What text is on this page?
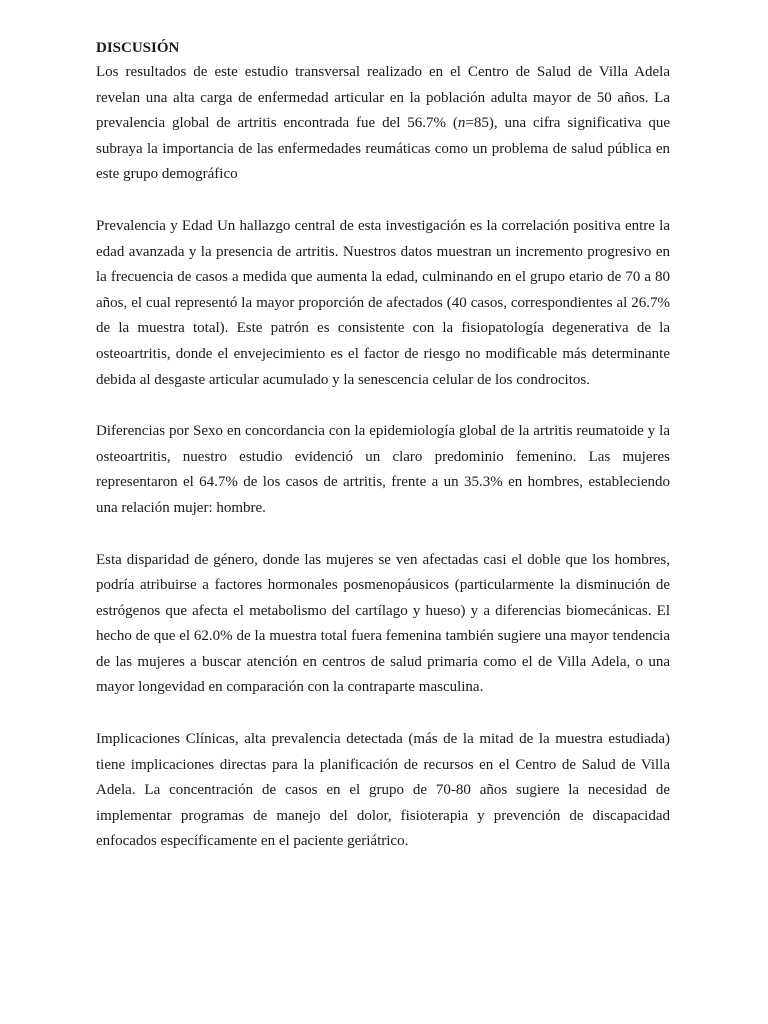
DISCUSIÓN

Los resultados de este estudio transversal realizado en el Centro de Salud de Villa Adela revelan una alta carga de enfermedad articular en la población adulta mayor de 50 años. La prevalencia global de artritis encontrada fue del 56.7% (n=85), una cifra significativa que subraya la importancia de las enfermedades reumáticas como un problema de salud pública en este grupo demográfico

Prevalencia y Edad Un hallazgo central de esta investigación es la correlación positiva entre la edad avanzada y la presencia de artritis. Nuestros datos muestran un incremento progresivo en la frecuencia de casos a medida que aumenta la edad, culminando en el grupo etario de 70 a 80 años, el cual representó la mayor proporción de afectados (40 casos, correspondientes al 26.7% de la muestra total). Este patrón es consistente con la fisiopatología degenerativa de la osteoartritis, donde el envejecimiento es el factor de riesgo no modificable más determinante debida al desgaste articular acumulado y la senescencia celular de los condrocitos.

Diferencias por Sexo en concordancia con la epidemiología global de la artritis reumatoide y la osteoartritis, nuestro estudio evidenció un claro predominio femenino. Las mujeres representaron el 64.7% de los casos de artritis, frente a un 35.3% en hombres, estableciendo una relación mujer: hombre.

Esta disparidad de género, donde las mujeres se ven afectadas casi el doble que los hombres, podría atribuirse a factores hormonales posmenopáusicos (particularmente la disminución de estrógenos que afecta el metabolismo del cartílago y hueso) y a diferencias biomecánicas. El hecho de que el 62.0% de la muestra total fuera femenina también sugiere una mayor tendencia de las mujeres a buscar atención en centros de salud primaria como el de Villa Adela, o una mayor longevidad en comparación con la contraparte masculina.

Implicaciones Clínicas, alta prevalencia detectada (más de la mitad de la muestra estudiada) tiene implicaciones directas para la planificación de recursos en el Centro de Salud de Villa Adela. La concentración de casos en el grupo de 70-80 años sugiere la necesidad de implementar programas de manejo del dolor, fisioterapia y prevención de discapacidad enfocados específicamente en el paciente geriátrico.
